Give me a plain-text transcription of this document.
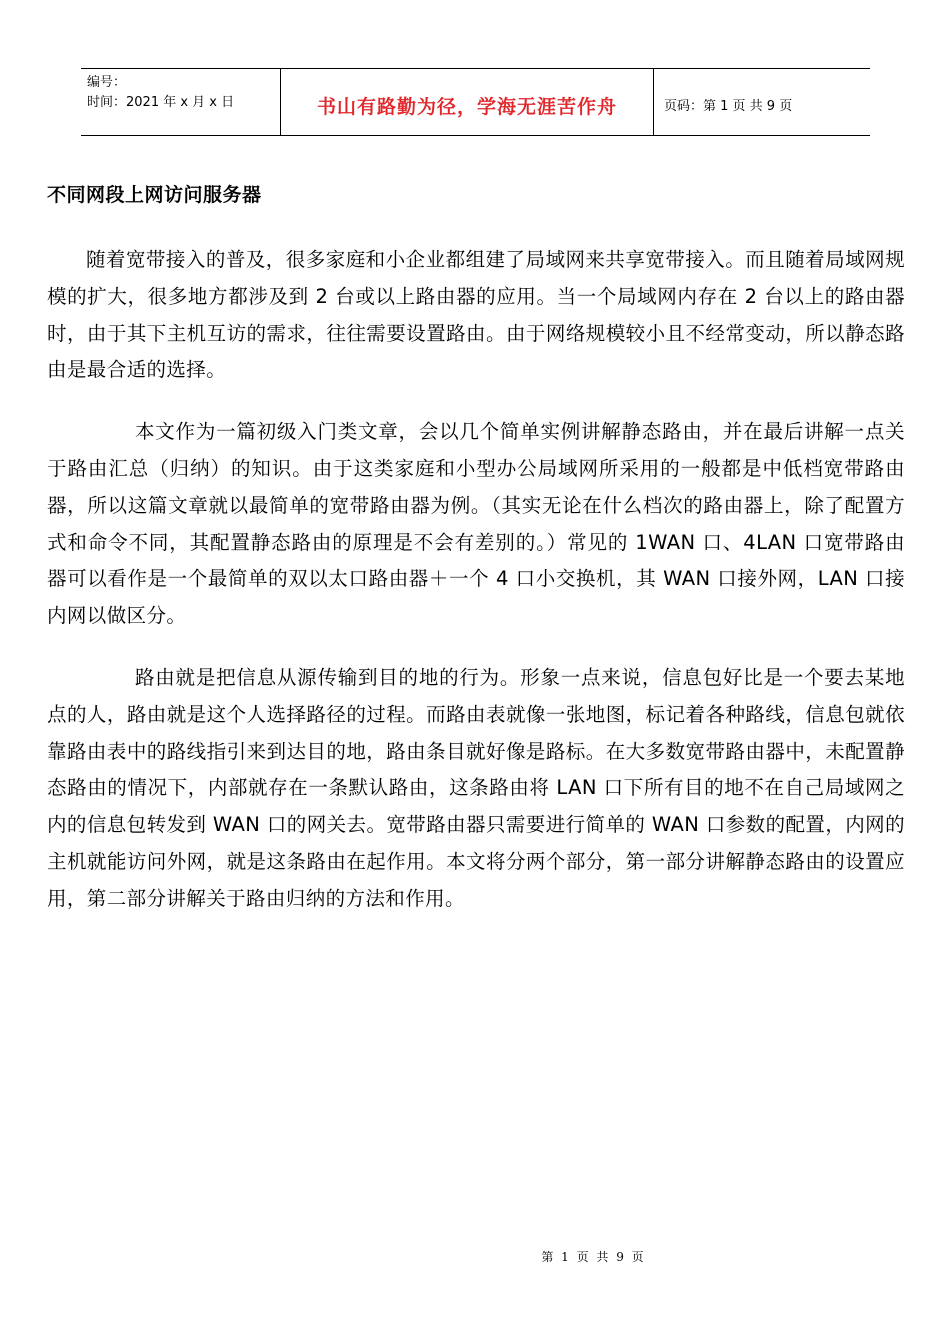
编号：
时间：2021 年 x 月 x 日	书山有路勤为径，学海无涯苦作舟	页码：第 1 页 共 9 页
不同网段上网访问服务器

随着宽带接入的普及，很多家庭和小企业都组建了局域网来共享宽带接入。而且随着局域网规模的扩大，很多地方都涉及到 2 台或以上路由器的应用。当一个局域网内存在 2 台以上的路由器时，由于其下主机互访的需求，往往需要设置路由。由于网络规模较小且不经常变动，所以静态路由是最合适的选择。

本文作为一篇初级入门类文章，会以几个简单实例讲解静态路由，并在最后讲解一点关于路由汇总（归纳）的知识。由于这类家庭和小型办公局域网所采用的一般都是中低档宽带路由器，所以这篇文章就以最简单的宽带路由器为例。（其实无论在什么档次的路由器上，除了配置方式和命令不同，其配置静态路由的原理是不会有差别的。）常见的 1WAN 口、4LAN 口宽带路由器可以看作是一个最简单的双以太口路由器＋一个 4 口小交换机，其 WAN 口接外网，LAN 口接内网以做区分。

路由就是把信息从源传输到目的地的行为。形象一点来说，信息包好比是一个要去某地点的人，路由就是这个人选择路径的过程。而路由表就像一张地图，标记着各种路线，信息包就依靠路由表中的路线指引来到达目的地，路由条目就好像是路标。在大多数宽带路由器中，未配置静态路由的情况下，内部就存在一条默认路由，这条路由将 LAN 口下所有目的地不在自己局域网之内的信息包转发到 WAN 口的网关去。宽带路由器只需要进行简单的 WAN 口参数的配置，内网的主机就能访问外网，就是这条路由在起作用。本文将分两个部分，第一部分讲解静态路由的设置应用，第二部分讲解关于路由归纳的方法和作用。

第 1 页 共 9 页
